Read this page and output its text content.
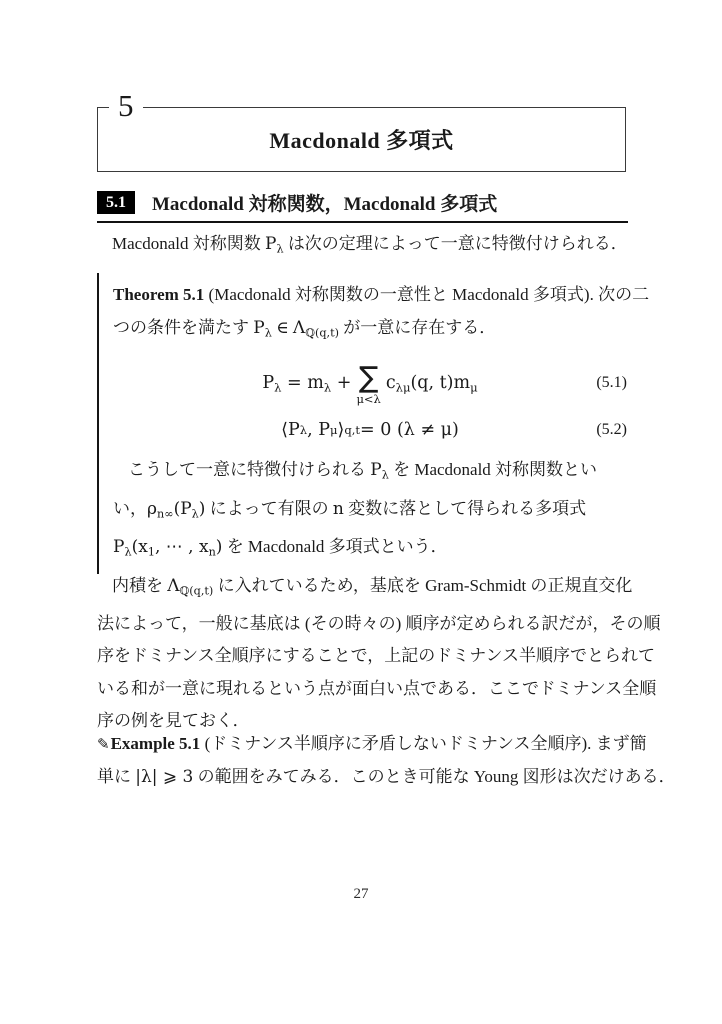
5
Macdonald 多項式
5.1	Macdonald 対称関数，Macdonald 多項式
Macdonald 対称関数 Pλ は次の定理によって一意に特徴付けられる．
Theorem 5.1 (Macdonald 対称関数の一意性と Macdonald 多項式). 次の二
つの条件を満たす Pλ ∈ Λℚ(q,t) が一意に存在する．
Pλ = mλ + ∑
μ<λ
cλμ(q, t)mμ	(5.1)
⟨P λ , P μ ⟩ q,t = 0 (λ ≠ μ)	(5.2)
こうして一意に特徴付けられる Pλ を Macdonald 対称関数とい
い，ρn∞(Pλ) によって有限の n 変数に落として得られる多項式
Pλ(x1, ⋯ , xn) を Macdonald 多項式という．
内積を Λℚ(q,t) に入れているため，基底を Gram-Schmidt の正規直交化
法によって，一般に基底は (その時々の) 順序が定められる訳だが，その順
序をドミナンス全順序にすることで，上記のドミナンス半順序でとられて
いる和が一意に現れるという点が面白い点である．ここでドミナンス全順
序の例を見ておく．
✎Example 5.1 (ドミナンス半順序に矛盾しないドミナンス全順序). まず簡
単に |λ| ⩾ 3 の範囲をみてみる．このとき可能な Young 図形は次だけある．
27
